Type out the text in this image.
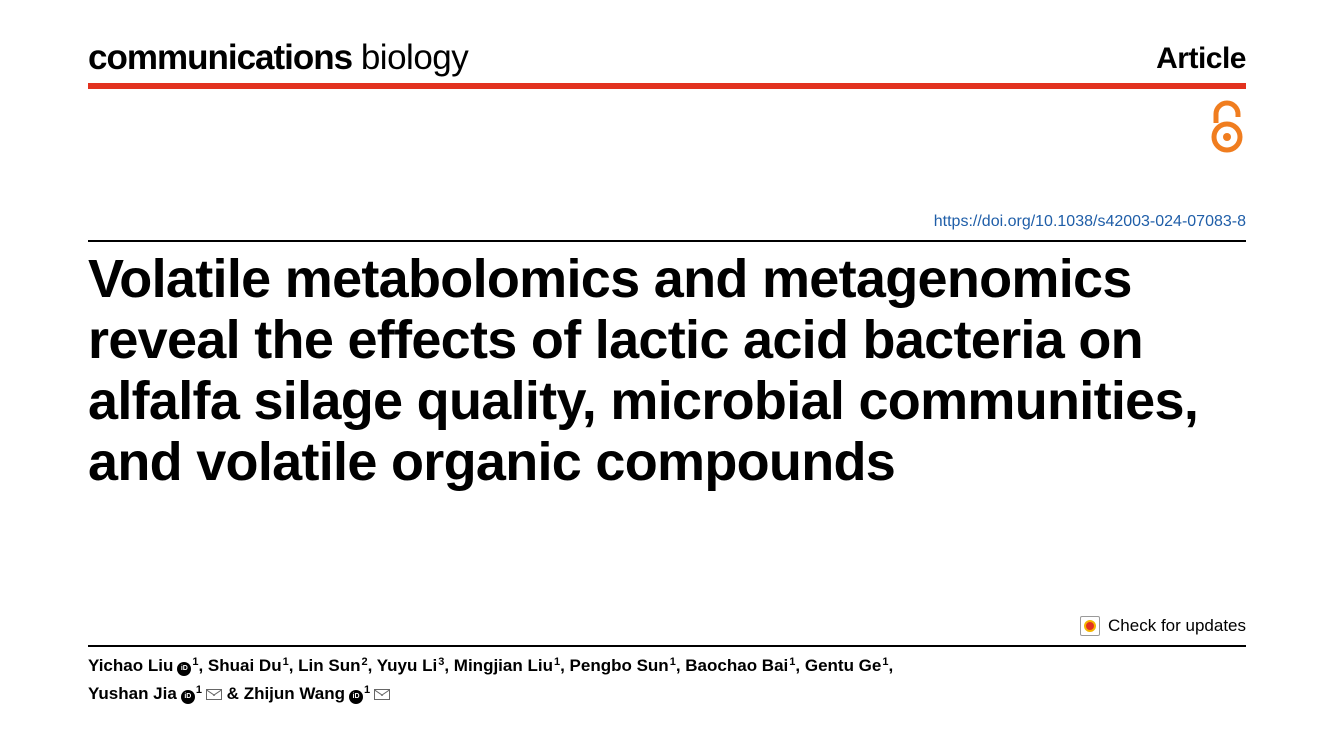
communications biology	Article
https://doi.org/10.1038/s42003-024-07083-8
Volatile metabolomics and metagenomics reveal the effects of lactic acid bacteria on alfalfa silage quality, microbial communities, and volatile organic compounds
Check for updates
Yichao Liu $iD^1$, Shuai Du$^1$, Lin Sun$^2$, Yuyu Li$^3$, Mingjian Liu$^1$, Pengbo Sun$^1$, Baochao Bai$^1$, Gentu Ge$^1$,
Yushan Jia $iD^1$ & Zhijun Wang $iD^1$
